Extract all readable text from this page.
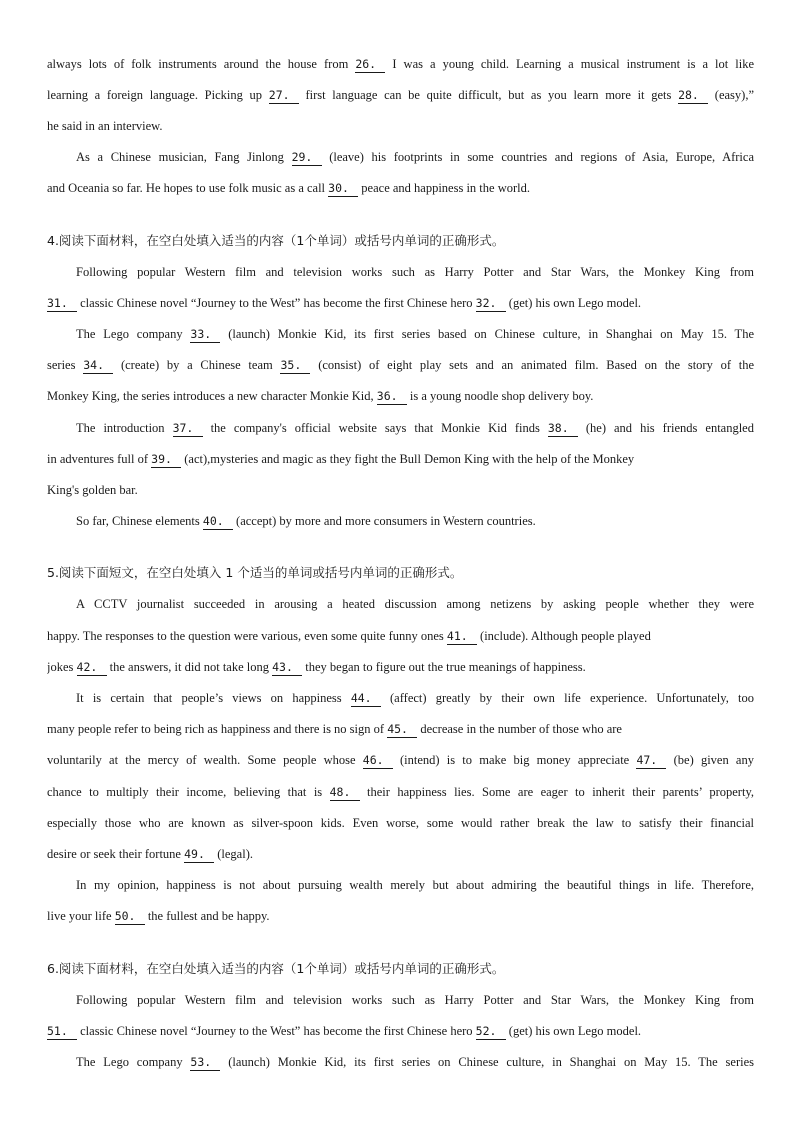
4.阅读下面材料，在空白处填入适当的内容（1个单词）或括号内单词的正确形式。
5.阅读下面短文，在空白处填入 1 个适当的单词或括号内单词的正确形式。
6.阅读下面材料，在空白处填入适当的内容（1个单词）或括号内单词的正确形式。
always lots of folk instruments around the house from 26. I was a young child. Learning a musical instrument is a lot like
learning a foreign language. Picking up 27. first language can be quite difficult, but as you learn more it gets 28. (easy),”
he said in an interview.
As a Chinese musician, Fang Jinlong 29. (leave) his footprints in some countries and regions of Asia, Europe, Africa
and Oceania so far. He hopes to use folk music as a call 30. peace and happiness in the world.
Following popular Western film and television works such as Harry Potter and Star Wars, the Monkey King from
31. classic Chinese novel “Journey to the West” has become the first Chinese hero 32. (get) his own Lego model.
The Lego company 33. (launch) Monkie Kid, its first series based on Chinese culture, in Shanghai on May 15. The
series 34. (create) by a Chinese team 35. (consist) of eight play sets and an animated film. Based on the story of the
Monkey King, the series introduces a new character Monkie Kid, 36. is a young noodle shop delivery boy.
The introduction 37. the company's official website says that Monkie Kid finds 38. (he) and his friends entangled
in adventures full of 39. (act),mysteries and magic as they fight the Bull Demon King with the help of the Monkey
King's golden bar.
So far, Chinese elements 40. (accept) by more and more consumers in Western countries.
A CCTV journalist succeeded in arousing a heated discussion among netizens by asking people whether they were
happy. The responses to the question were various, even some quite funny ones 41. (include). Although people played
jokes 42. the answers, it did not take long 43. they began to figure out the true meanings of happiness.
It is certain that people’s views on happiness 44. (affect) greatly by their own life experience. Unfortunately, too
many people refer to being rich as happiness and there is no sign of 45. decrease in the number of those who are
voluntarily at the mercy of wealth. Some people whose 46. (intend) is to make big money appreciate 47. (be) given any
chance to multiply their income, believing that is 48. their happiness lies. Some are eager to inherit their parents’ property,
especially those who are known as silver-spoon kids. Even worse, some would rather break the law to satisfy their financial
desire or seek their fortune 49. (legal).
In my opinion, happiness is not about pursuing wealth merely but about admiring the beautiful things in life. Therefore,
live your life 50. the fullest and be happy.
Following popular Western film and television works such as Harry Potter and Star Wars, the Monkey King from
51. classic Chinese novel “Journey to the West” has become the first Chinese hero 52. (get) his own Lego model.
The Lego company 53. (launch) Monkie Kid, its first series on Chinese culture, in Shanghai on May 15. The series
